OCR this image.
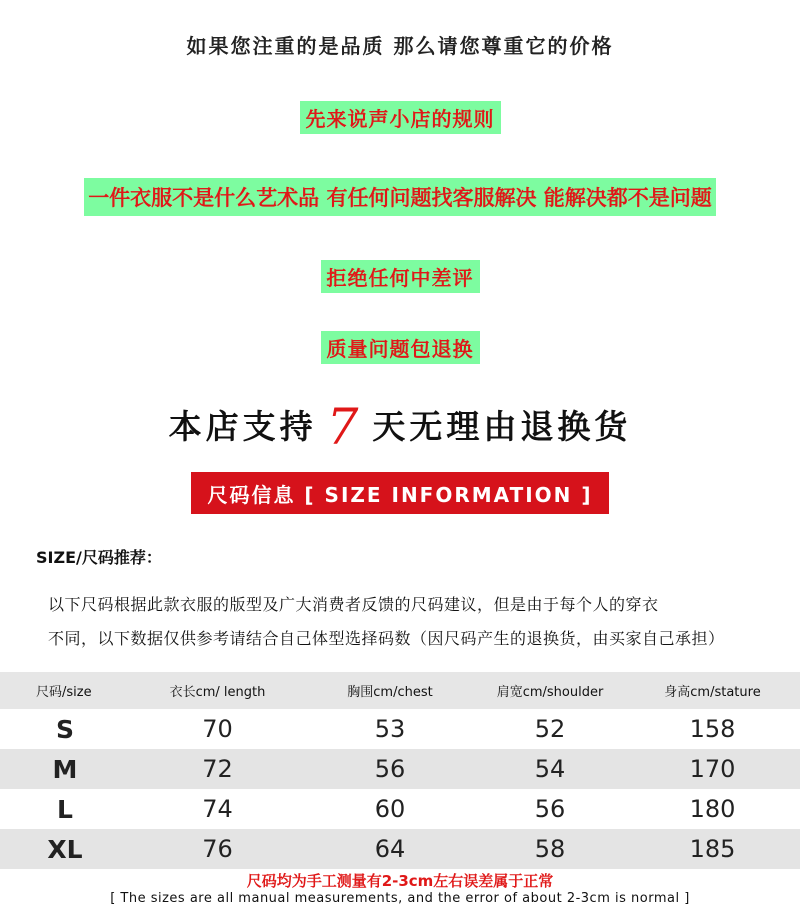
如果您注重的是品质 那么请您尊重它的价格
先来说声小店的规则
一件衣服不是什么艺术品 有任何问题找客服解决 能解决都不是问题
拒绝任何中差评
质量问题包退换
本店支持 7 天无理由退换货
尺码信息 [ SIZE INFORMATION ]
SIZE/尺码推荐：
以下尺码根据此款衣服的版型及广大消费者反馈的尺码建议，但是由于每个人的穿衣
不同，以下数据仅供参考请结合自己体型选择码数（因尺码产生的退换货，由买家自己承担）
尺码/size	衣长cm/ length	胸围cm/chest	肩宽cm/shoulder	身高cm/stature
S	70	53	52	158
M	72	56	54	170
L	74	60	56	180
XL	76	64	58	185
尺码均为手工测量有2-3cm左右误差属于正常
[ The sizes are all manual measurements, and the error of about 2-3cm is normal ]
